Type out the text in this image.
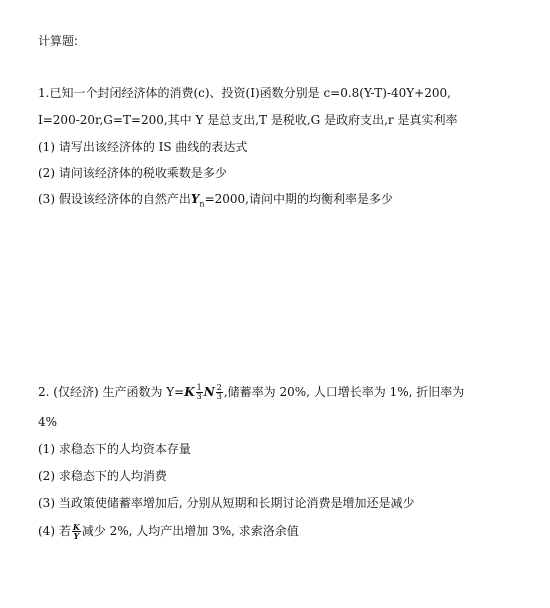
计算题:
1.已知一个封闭经济体的消费(c)、投资(I)函数分别是 c=0.8(Y-T)-40Y+200,
I=200-20r,G=T=200,其中 Y 是总支出,T 是税收,G 是政府支出,r 是真实利率
(1) 请写出该经济体的 IS 曲线的表达式
(2) 请问该经济体的税收乘数是多少
(3) 假设该经济体的自然产出$Y_n=2000$,请问中期的均衡利率是多少
2. (仅经济) 生产函数为 $Y=K \frac{1}{3}$ N $\frac{2}{3}$ ,储蓄率为 20%, 人口增长率为 1%, 折旧率为
4%
(1) 求稳态下的人均资本存量
(2) 求稳态下的人均消费
(3) 当政策使储蓄率增加后, 分别从短期和长期讨论消费是增加还是减少
(4) 若 $\frac{K}{Y}$ 减少 2%, 人均产出增加 3%, 求索洛余值
